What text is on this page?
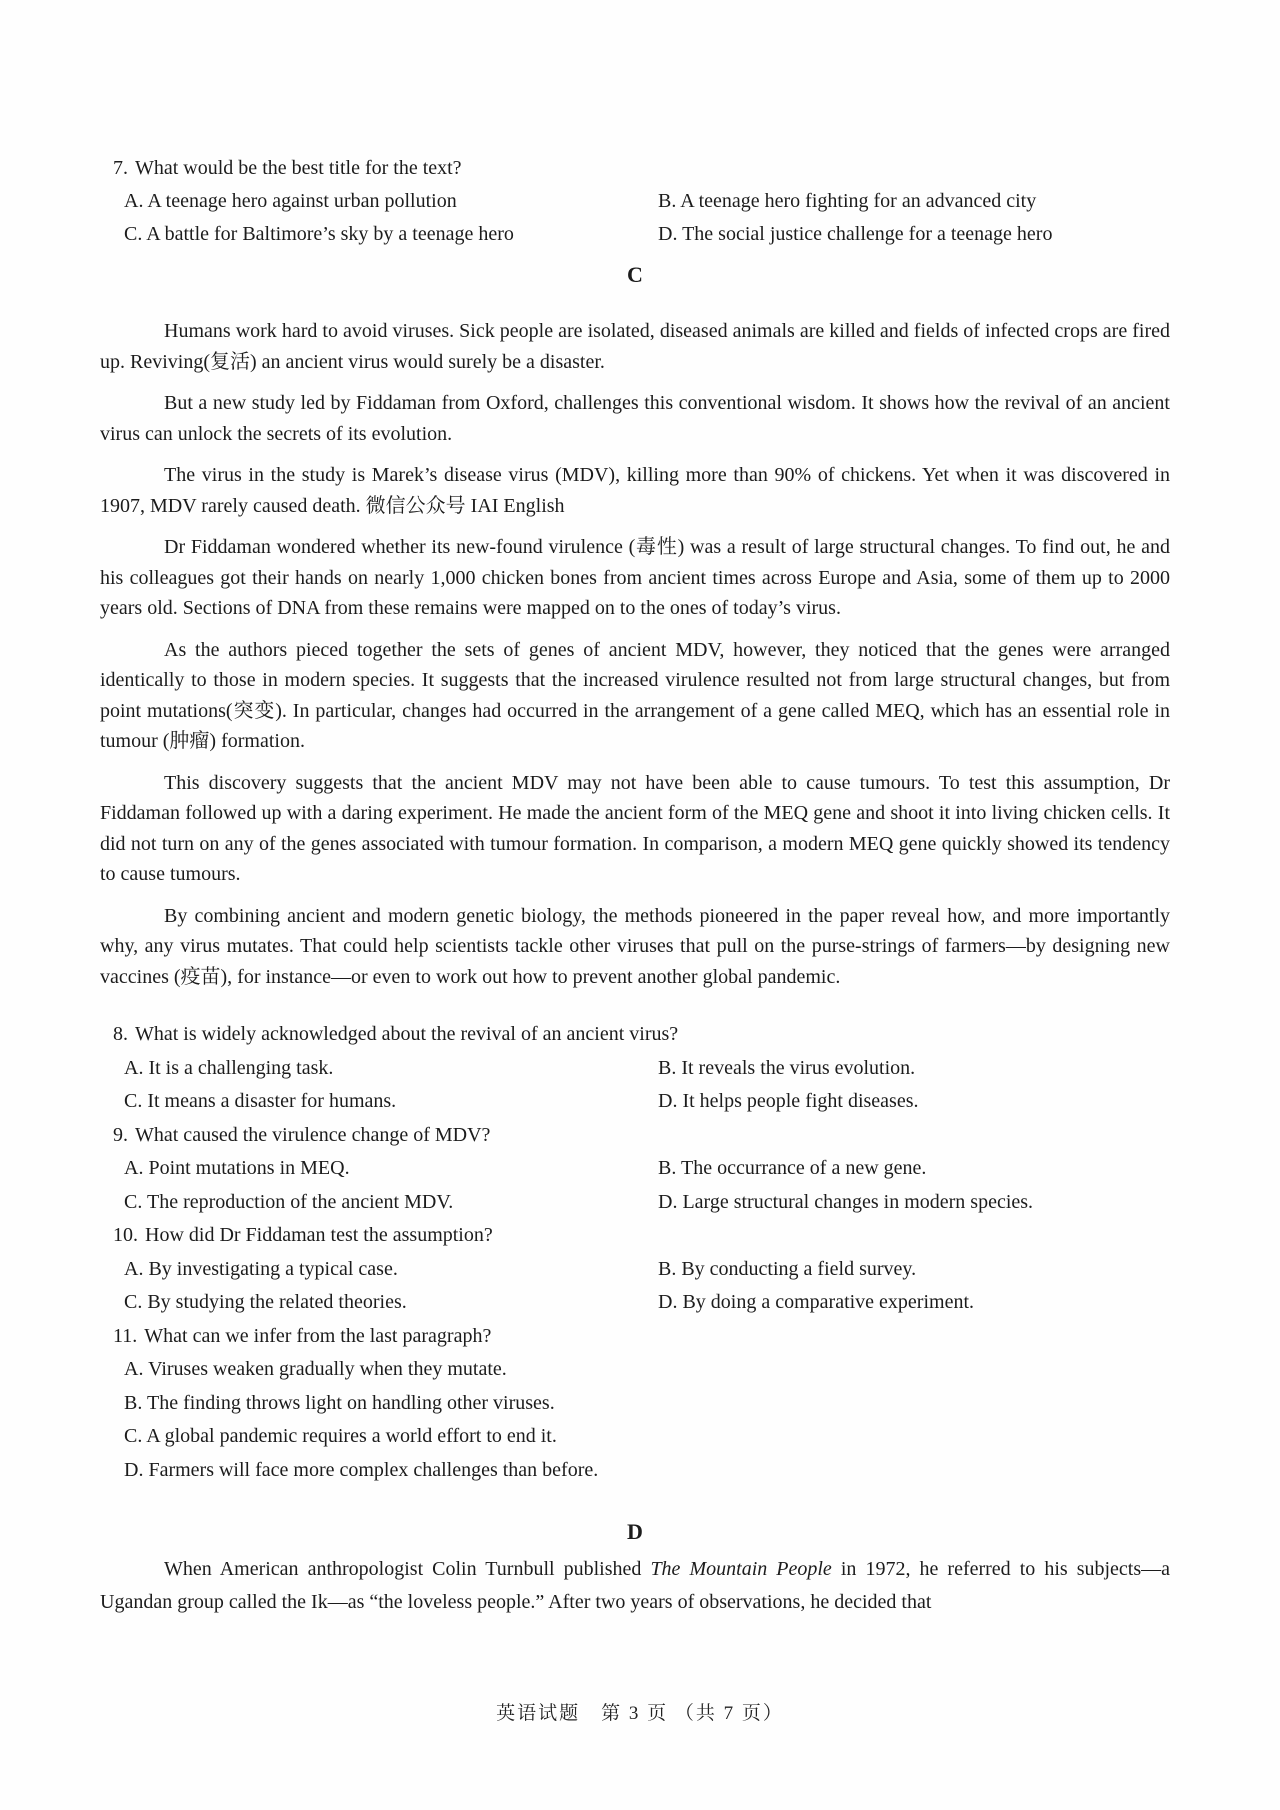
7. What would be the best title for the text?
A. A teenage hero against urban pollution	B. A teenage hero fighting for an advanced city
C. A battle for Baltimore’s sky by a teenage hero	D. The social justice challenge for a teenage hero
C

Humans work hard to avoid viruses. Sick people are isolated, diseased animals are killed and fields of infected crops are fired up. Reviving(复活) an ancient virus would surely be a disaster.

But a new study led by Fiddaman from Oxford, challenges this conventional wisdom. It shows how the revival of an ancient virus can unlock the secrets of its evolution.

The virus in the study is Marek’s disease virus (MDV), killing more than 90% of chickens. Yet when it was discovered in 1907, MDV rarely caused death. 微信公众号 IAI English

Dr Fiddaman wondered whether its new-found virulence (毒性) was a result of large structural changes. To find out, he and his colleagues got their hands on nearly 1,000 chicken bones from ancient times across Europe and Asia, some of them up to 2000 years old. Sections of DNA from these remains were mapped on to the ones of today’s virus.

As the authors pieced together the sets of genes of ancient MDV, however, they noticed that the genes were arranged identically to those in modern species. It suggests that the increased virulence resulted not from large structural changes, but from point mutations(突变). In particular, changes had occurred in the arrangement of a gene called MEQ, which has an essential role in tumour (肿瘤) formation.

This discovery suggests that the ancient MDV may not have been able to cause tumours. To test this assumption, Dr Fiddaman followed up with a daring experiment. He made the ancient form of the MEQ gene and shoot it into living chicken cells. It did not turn on any of the genes associated with tumour formation. In comparison, a modern MEQ gene quickly showed its tendency to cause tumours.

By combining ancient and modern genetic biology, the methods pioneered in the paper reveal how, and more importantly why, any virus mutates. That could help scientists tackle other viruses that pull on the purse-strings of farmers—by designing new vaccines (疫苗), for instance—or even to work out how to prevent another global pandemic.

8. What is widely acknowledged about the revival of an ancient virus?
A. It is a challenging task.	B. It reveals the virus evolution.
C. It means a disaster for humans.	D. It helps people fight diseases.
9. What caused the virulence change of MDV?
A. Point mutations in MEQ.	B. The occurrance of a new gene.
C. The reproduction of the ancient MDV.	D. Large structural changes in modern species.
10. How did Dr Fiddaman test the assumption?
A. By investigating a typical case.	B. By conducting a field survey.
C. By studying the related theories.	D. By doing a comparative experiment.
11. What can we infer from the last paragraph?
A. Viruses weaken gradually when they mutate.
B. The finding throws light on handling other viruses.
C. A global pandemic requires a world effort to end it.
D. Farmers will face more complex challenges than before.
D

When American anthropologist Colin Turnbull published The Mountain People in 1972, he referred to his subjects—a Ugandan group called the Ik—as “the loveless people.” After two years of observations, he decided that

英语试题　第 3 页 （共 7 页）
